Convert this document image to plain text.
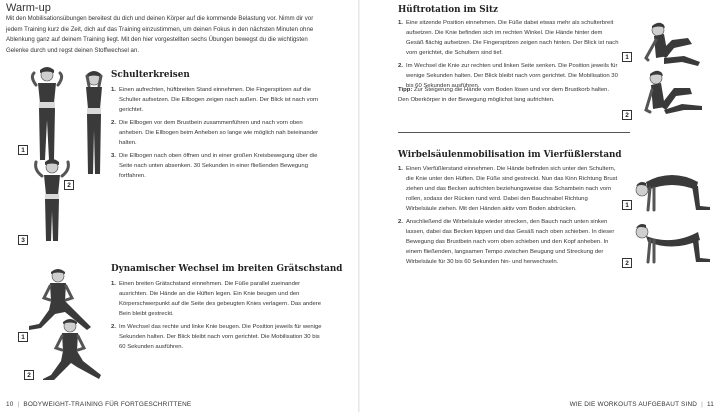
Warm-up
Mit den Mobilisationsübungen bereitest du dich und deinen Körper auf die kommende Belastung vor. Nimm dir vor jedem Training kurz die Zeit, dich auf das Training einzustimmen, um deinen Fokus in den nächsten Minuten ohne Ablenkung ganz auf deinem Training liegt. Mit den hier vorgestellten sechs Übungen bewegst du die wichtigsten Gelenke durch und regst deinen Stoffwechsel an.
1
2
3
Schulterkreisen
1. Einen aufrechten, hüftbreiten Stand einnehmen. Die Fingerspitzen auf die Schulter aufsetzen. Die Ellbogen zeigen nach außen. Der Blick ist nach vorn gerichtet.
2. Die Ellbogen vor dem Brustbein zusammenführen und nach vorn oben anheben. Die Ellbogen beim Anheben so lange wie möglich nah beieinander halten.
3. Die Ellbogen nach oben öffnen und in einer großen Kreisbewegung über die Seite nach unten absenken. 30 Sekunden in einer fließenden Bewegung fortfahren.
1
2
Dynamischer Wechsel im breiten Grätschstand
1. Einen breiten Grätschstand einnehmen. Die Füße parallel zueinander ausrichten. Die Hände an die Hüften legen. Ein Knie beugen und den Körperschwerpunkt auf die Seite des gebeugten Knies verlagern. Das andere Bein bleibt gestreckt.
2. Im Wechsel das rechte und linke Knie beugen. Die Position jeweils für wenige Sekunden halten. Der Blick bleibt nach vorn gerichtet. Die Mobilisation 30 bis 60 Sekunden ausführen.
10 | BODYWEIGHT-TRAINING FÜR FORTGESCHRITTENE
Hüftrotation im Sitz
1. Eine sitzende Position einnehmen. Die Füße dabei etwas mehr als schulterbreit aufsetzen. Die Knie befinden sich im rechten Winkel. Die Hände hinter dem Gesäß flächig aufsetzen. Die Fingerspitzen zeigen nach hinten. Der Blick ist nach vorn gerichtet, die Schultern sind tief.
2. Im Wechsel die Knie zur rechten und linken Seite senken. Die Position jeweils für wenige Sekunden halten. Der Blick bleibt nach vorn gerichtet. Die Mobilisation 30 bis 60 Sekunden ausführen.
Tipp: Zur Steigerung die Hände vom Boden lösen und vor dem Brustkorb halten. Den Oberkörper in der Bewegung möglichst lang aufrichten.
1
2
Wirbelsäulenmobilisation im Vierfüßlerstand
1. Einen Vierfüßlerstand einnehmen. Die Hände befinden sich unter den Schultern, die Knie unter den Hüften. Die Füße sind gestreckt. Nun das Kinn Richtung Brust ziehen und das Becken aufrichten beziehungsweise das Schambein nach vorn rollen, sodass der Rücken rund wird. Dabei den Bauchnabel Richtung Wirbelsäule ziehen. Mit den Händen aktiv vom Boden abdrücken.
2. Anschließend die Wirbelsäule wieder strecken, den Bauch nach unten sinken lassen, dabei das Becken kippen und das Gesäß nach oben schieben. In dieser Bewegung das Brustbein nach vorn oben schieben und den Kopf anheben. In einem fließenden, langsamen Tempo zwischen Beugung und Streckung der Wirbelsäule für 30 bis 60 Sekunden hin- und herwechseln.
1
2
WIE DIE WORKOUTS AUFGEBAUT SIND | 11
